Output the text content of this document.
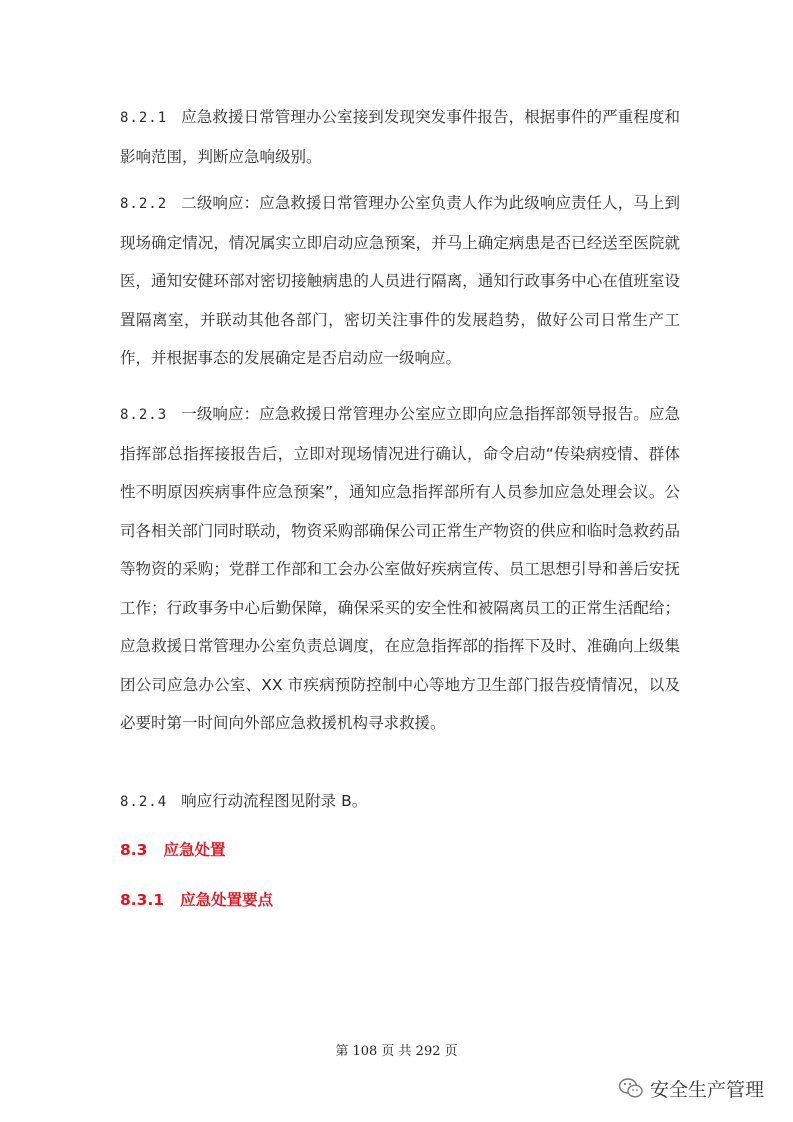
8.2.1 应急救援日常管理办公室接到发现突发事件报告，根据事件的严重程度和影响范围，判断应急响级别。

8.2.2 二级响应：应急救援日常管理办公室负责人作为此级响应责任人，马上到现场确定情况，情况属实立即启动应急预案，并马上确定病患是否已经送至医院就医，通知安健环部对密切接触病患的人员进行隔离，通知行政事务中心在值班室设置隔离室，并联动其他各部门，密切关注事件的发展趋势，做好公司日常生产工作，并根据事态的发展确定是否启动应一级响应。

8.2.3 一级响应：应急救援日常管理办公室应立即向应急指挥部领导报告。应急指挥部总指挥接报告后，立即对现场情况进行确认，命令启动“传染病疫情、群体性不明原因疾病事件应急预案”，通知应急指挥部所有人员参加应急处理会议。公司各相关部门同时联动，物资采购部确保公司正常生产物资的供应和临时急救药品等物资的采购；党群工作部和工会办公室做好疾病宣传、员工思想引导和善后安抚工作；行政事务中心后勤保障，确保采买的安全性和被隔离员工的正常生活配给；应急救援日常管理办公室负责总调度，在应急指挥部的指挥下及时、准确向上级集团公司应急办公室、XX 市疾病预防控制中心等地方卫生部门报告疫情情况，以及必要时第一时间向外部应急救援机构寻求救援。

8.2.4 响应行动流程图见附录 B。

8.3 应急处置
8.3.1 应急处置要点
第 108 页 共 292 页
安全生产管理
